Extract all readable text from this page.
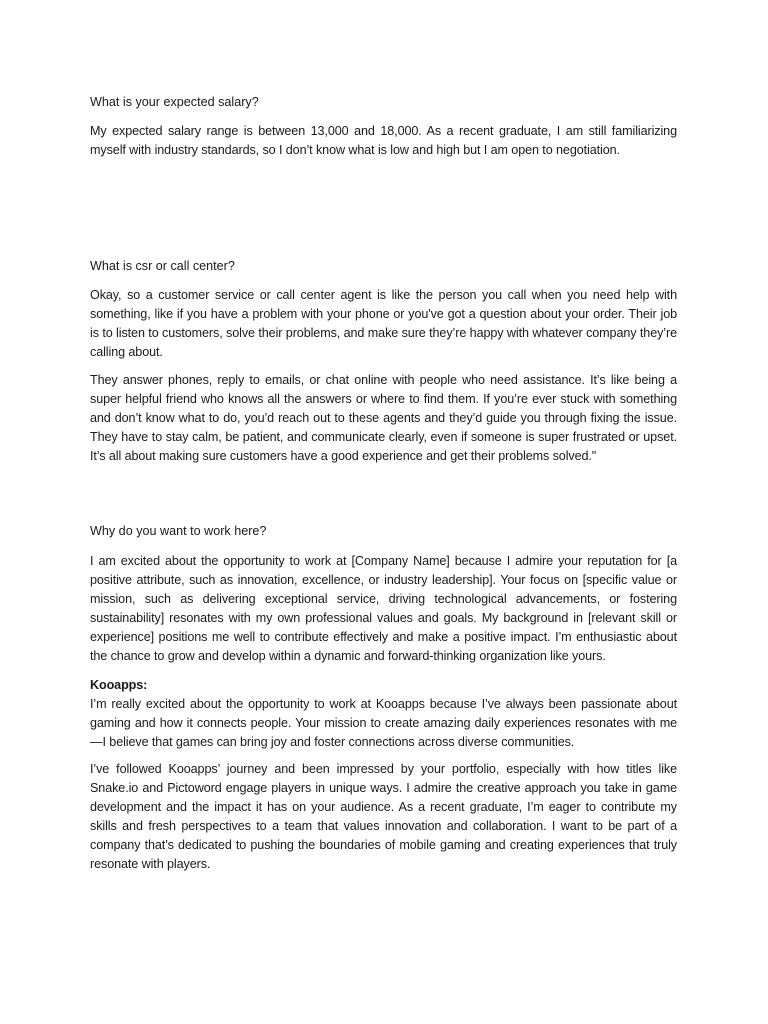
What is your expected salary?

My expected salary range is between 13,000 and 18,000. As a recent graduate, I am still familiarizing myself with industry standards, so I don’t know what is low and high but I am open to negotiation.

What is csr or call center?

Okay, so a customer service or call center agent is like the person you call when you need help with something, like if you have a problem with your phone or you've got a question about your order. Their job is to listen to customers, solve their problems, and make sure they’re happy with whatever company they’re calling about.

They answer phones, reply to emails, or chat online with people who need assistance. It’s like being a super helpful friend who knows all the answers or where to find them. If you’re ever stuck with something and don’t know what to do, you’d reach out to these agents and they’d guide you through fixing the issue. They have to stay calm, be patient, and communicate clearly, even if someone is super frustrated or upset. It’s all about making sure customers have a good experience and get their problems solved."

Why do you want to work here?

I am excited about the opportunity to work at [Company Name] because I admire your reputation for [a positive attribute, such as innovation, excellence, or industry leadership]. Your focus on [specific value or mission, such as delivering exceptional service, driving technological advancements, or fostering sustainability] resonates with my own professional values and goals. My background in [relevant skill or experience] positions me well to contribute effectively and make a positive impact. I’m enthusiastic about the chance to grow and develop within a dynamic and forward-thinking organization like yours.

Kooapps:
I’m really excited about the opportunity to work at Kooapps because I’ve always been passionate about gaming and how it connects people. Your mission to create amazing daily experiences resonates with me—I believe that games can bring joy and foster connections across diverse communities.

I’ve followed Kooapps’ journey and been impressed by your portfolio, especially with how titles like Snake.io and Pictoword engage players in unique ways. I admire the creative approach you take in game development and the impact it has on your audience. As a recent graduate, I’m eager to contribute my skills and fresh perspectives to a team that values innovation and collaboration. I want to be part of a company that’s dedicated to pushing the boundaries of mobile gaming and creating experiences that truly resonate with players.
